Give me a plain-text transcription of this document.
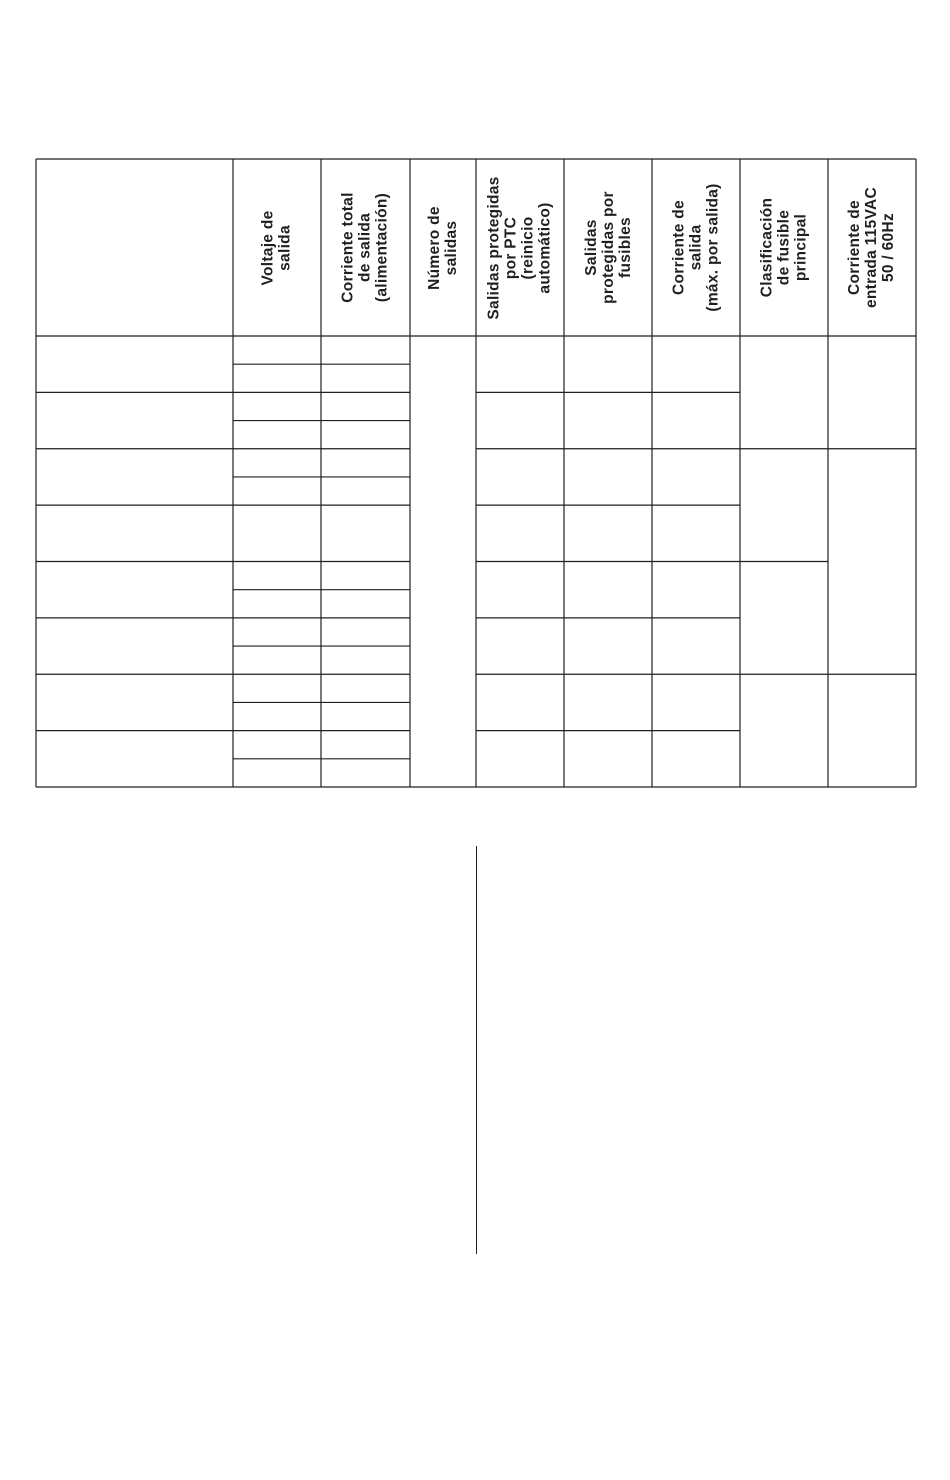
Voltaje de salida	Corriente total de salida (alimentación) Número de salidas Salidas protegidas por PTC (reinicio automático) Salidas protegidas por fusibles Corriente de salida (máx. por salida) Clasificación de fusible principal Corriente de entrada 115VAC 50 / 60Hz
